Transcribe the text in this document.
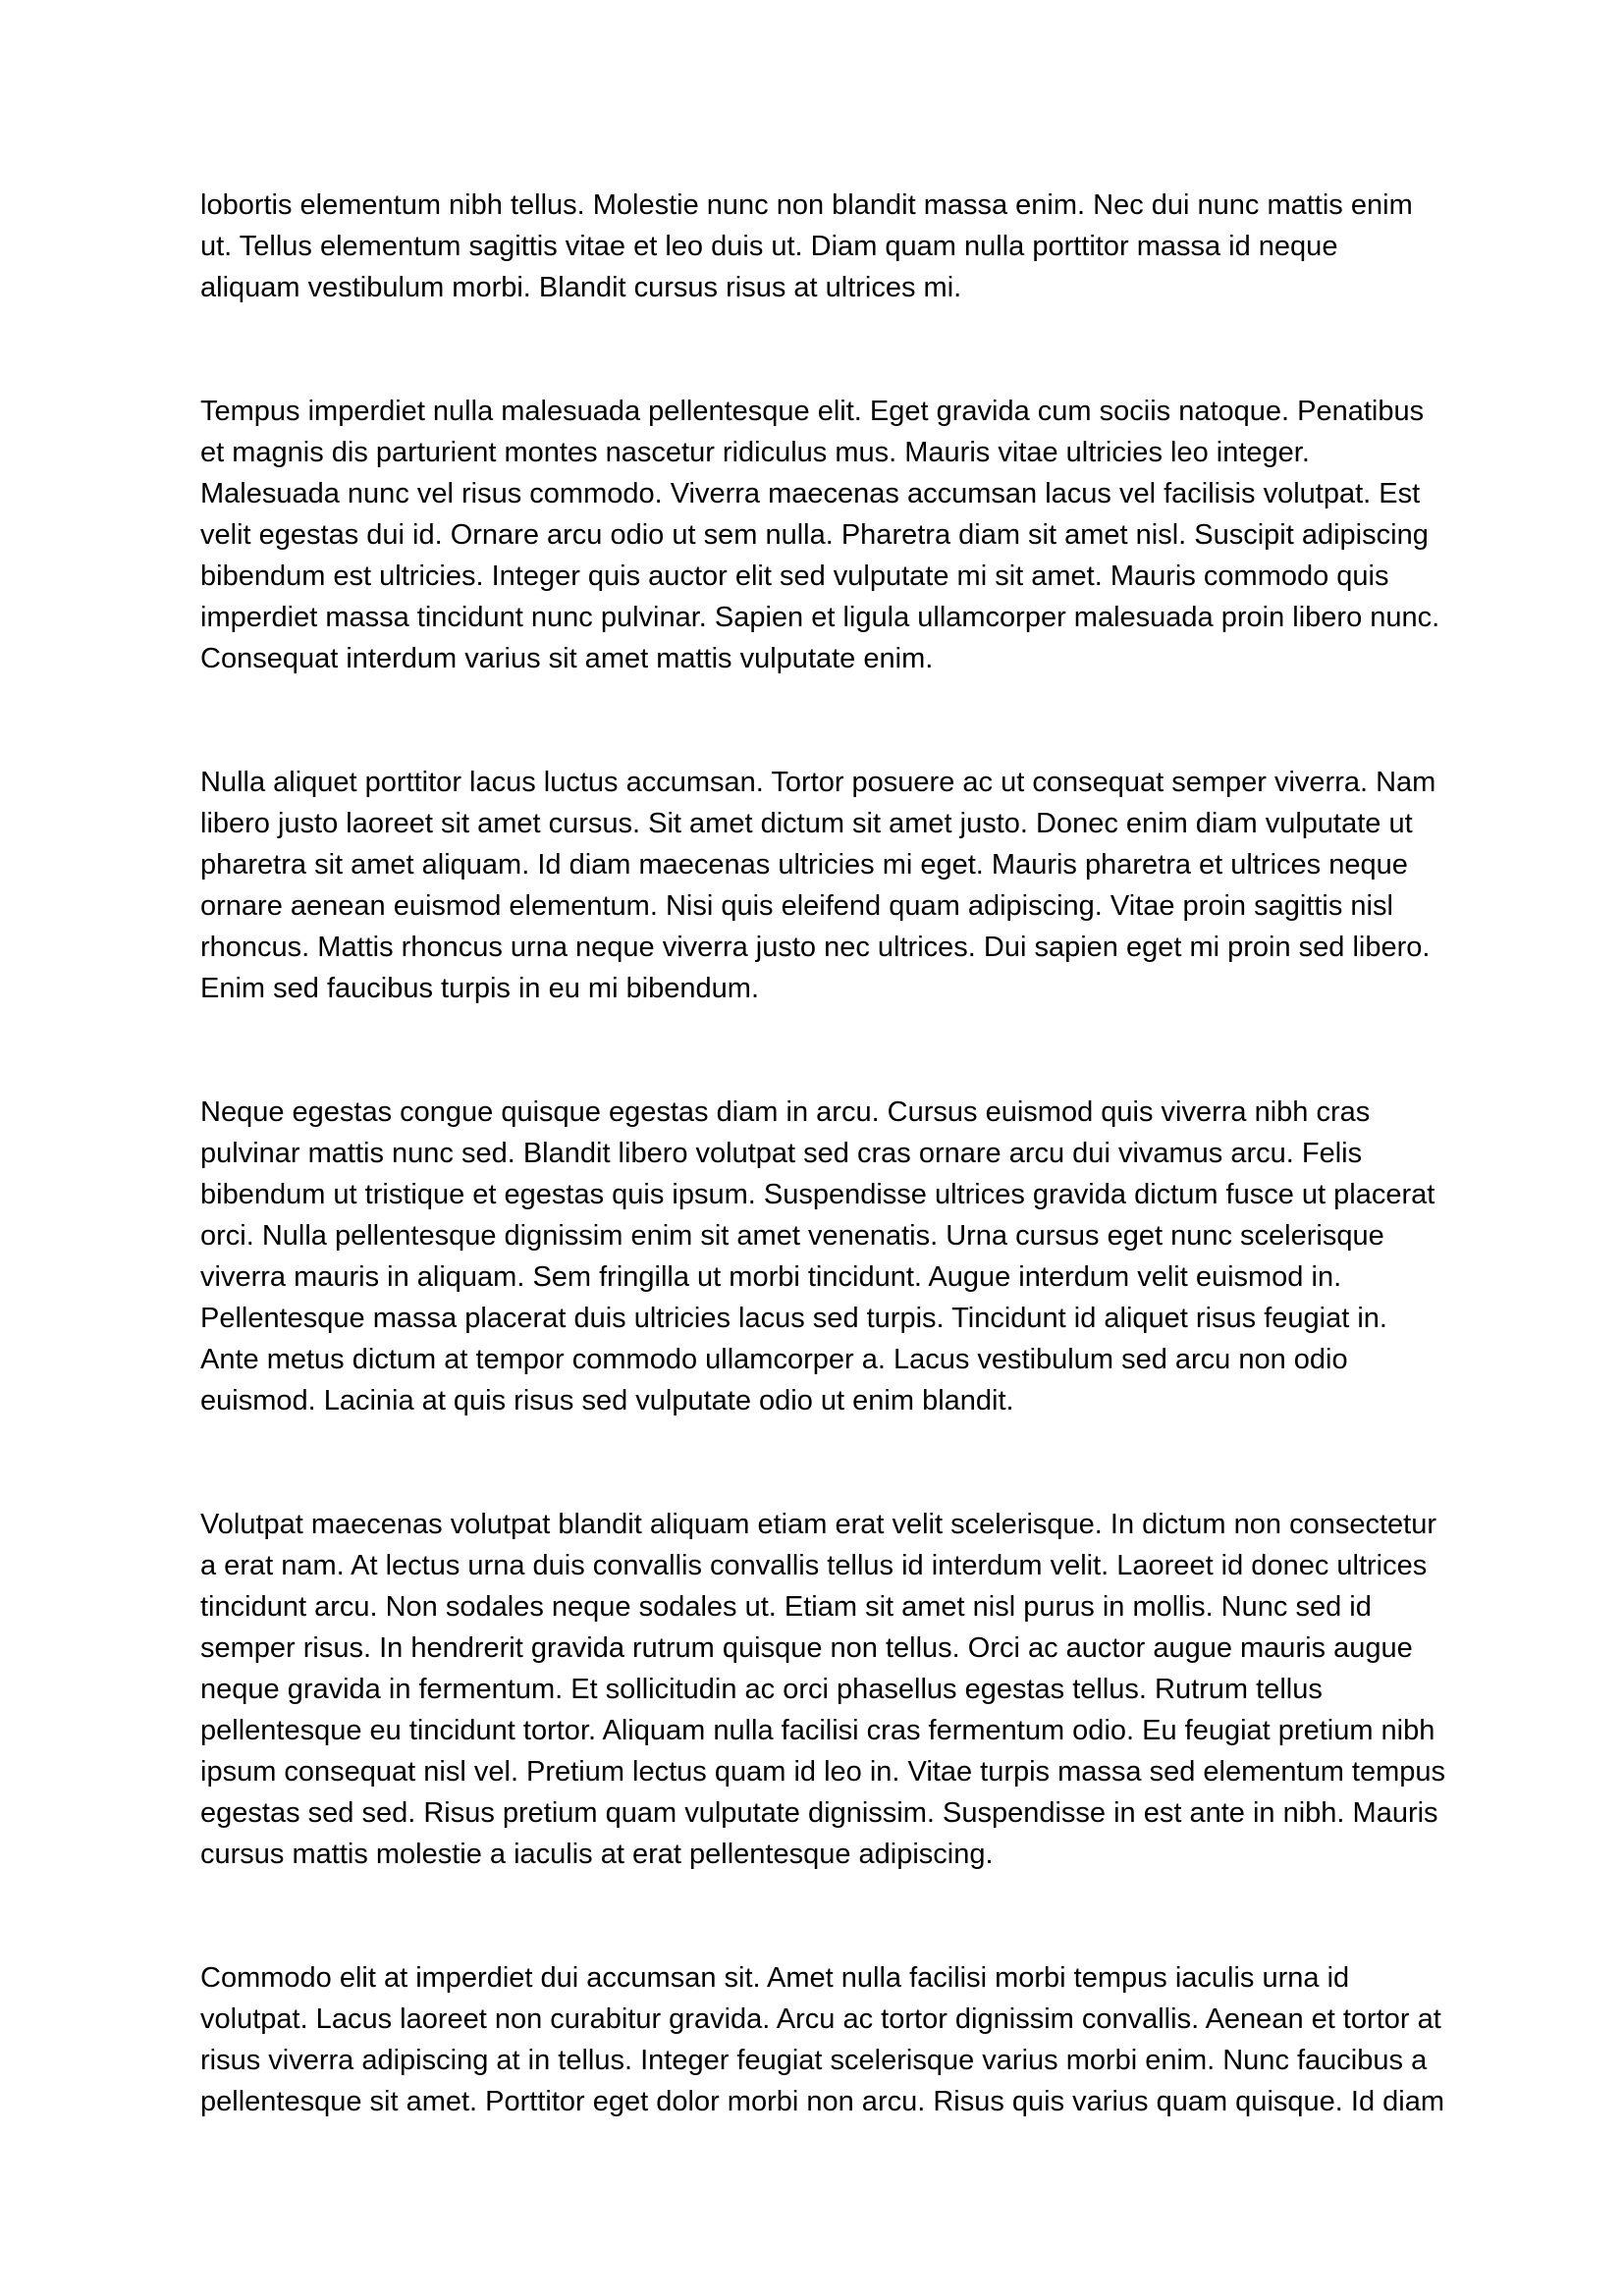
lobortis elementum nibh tellus. Molestie nunc non blandit massa enim. Nec dui nunc mattis enim ut. Tellus elementum sagittis vitae et leo duis ut. Diam quam nulla porttitor massa id neque aliquam vestibulum morbi. Blandit cursus risus at ultrices mi.

Tempus imperdiet nulla malesuada pellentesque elit. Eget gravida cum sociis natoque. Penatibus et magnis dis parturient montes nascetur ridiculus mus. Mauris vitae ultricies leo integer. Malesuada nunc vel risus commodo. Viverra maecenas accumsan lacus vel facilisis volutpat. Est velit egestas dui id. Ornare arcu odio ut sem nulla. Pharetra diam sit amet nisl. Suscipit adipiscing bibendum est ultricies. Integer quis auctor elit sed vulputate mi sit amet. Mauris commodo quis imperdiet massa tincidunt nunc pulvinar. Sapien et ligula ullamcorper malesuada proin libero nunc. Consequat interdum varius sit amet mattis vulputate enim.

Nulla aliquet porttitor lacus luctus accumsan. Tortor posuere ac ut consequat semper viverra. Nam libero justo laoreet sit amet cursus. Sit amet dictum sit amet justo. Donec enim diam vulputate ut pharetra sit amet aliquam. Id diam maecenas ultricies mi eget. Mauris pharetra et ultrices neque ornare aenean euismod elementum. Nisi quis eleifend quam adipiscing. Vitae proin sagittis nisl rhoncus. Mattis rhoncus urna neque viverra justo nec ultrices. Dui sapien eget mi proin sed libero. Enim sed faucibus turpis in eu mi bibendum.

Neque egestas congue quisque egestas diam in arcu. Cursus euismod quis viverra nibh cras pulvinar mattis nunc sed. Blandit libero volutpat sed cras ornare arcu dui vivamus arcu. Felis bibendum ut tristique et egestas quis ipsum. Suspendisse ultrices gravida dictum fusce ut placerat orci. Nulla pellentesque dignissim enim sit amet venenatis. Urna cursus eget nunc scelerisque viverra mauris in aliquam. Sem fringilla ut morbi tincidunt. Augue interdum velit euismod in. Pellentesque massa placerat duis ultricies lacus sed turpis. Tincidunt id aliquet risus feugiat in. Ante metus dictum at tempor commodo ullamcorper a. Lacus vestibulum sed arcu non odio euismod. Lacinia at quis risus sed vulputate odio ut enim blandit.

Volutpat maecenas volutpat blandit aliquam etiam erat velit scelerisque. In dictum non consectetur a erat nam. At lectus urna duis convallis convallis tellus id interdum velit. Laoreet id donec ultrices tincidunt arcu. Non sodales neque sodales ut. Etiam sit amet nisl purus in mollis. Nunc sed id semper risus. In hendrerit gravida rutrum quisque non tellus. Orci ac auctor augue mauris augue neque gravida in fermentum. Et sollicitudin ac orci phasellus egestas tellus. Rutrum tellus pellentesque eu tincidunt tortor. Aliquam nulla facilisi cras fermentum odio. Eu feugiat pretium nibh ipsum consequat nisl vel. Pretium lectus quam id leo in. Vitae turpis massa sed elementum tempus egestas sed sed. Risus pretium quam vulputate dignissim. Suspendisse in est ante in nibh. Mauris cursus mattis molestie a iaculis at erat pellentesque adipiscing.

Commodo elit at imperdiet dui accumsan sit. Amet nulla facilisi morbi tempus iaculis urna id volutpat. Lacus laoreet non curabitur gravida. Arcu ac tortor dignissim convallis. Aenean et tortor at risus viverra adipiscing at in tellus. Integer feugiat scelerisque varius morbi enim. Nunc faucibus a pellentesque sit amet. Porttitor eget dolor morbi non arcu. Risus quis varius quam quisque. Id diam
